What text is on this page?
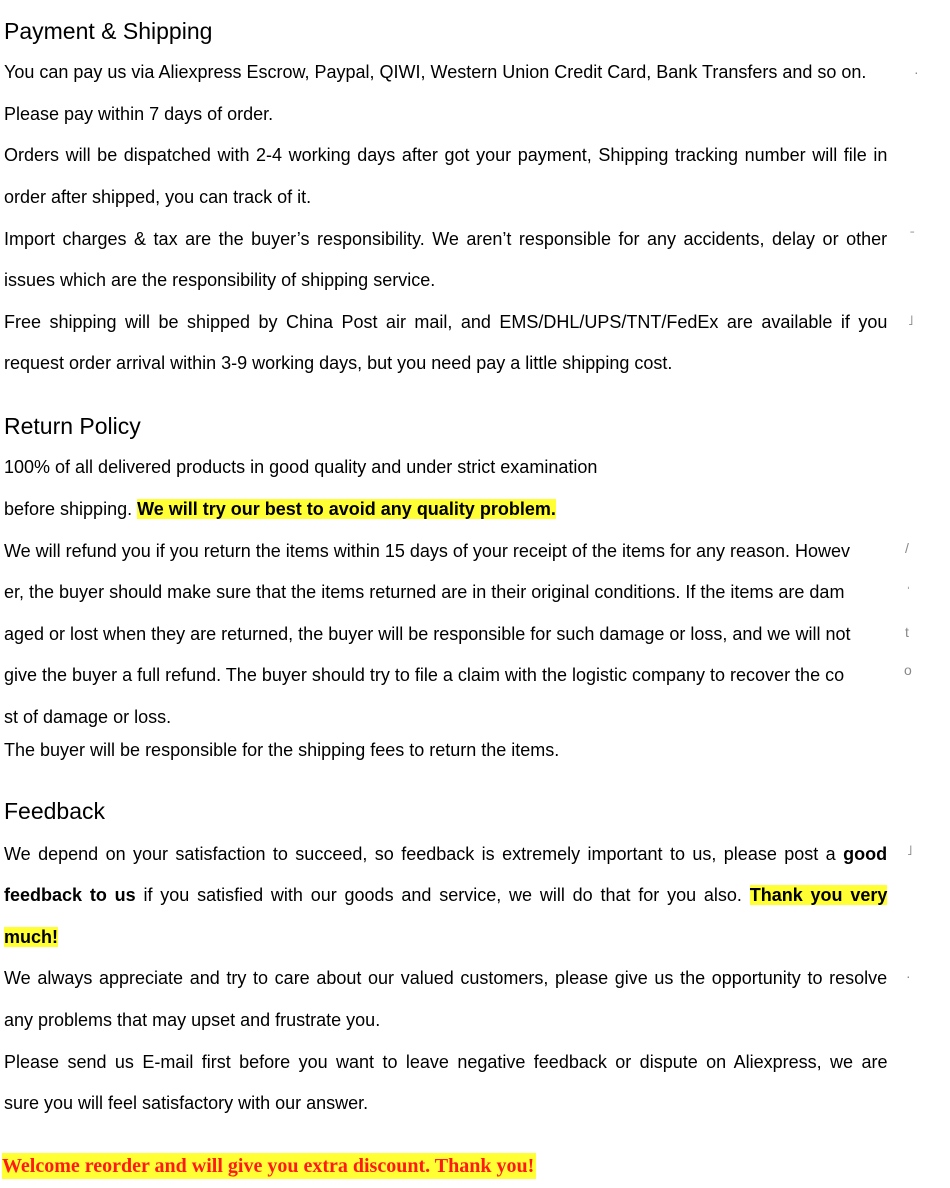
Payment & Shipping

You can pay us via Aliexpress Escrow, Paypal, QIWI, Western Union Credit Card, Bank Transfers and so on.

Please pay within 7 days of order.

Orders will be dispatched with 2-4 working days after got your payment, Shipping tracking number will file in

order after shipped, you can track of it.

Import charges & tax are the buyer’s responsibility. We aren’t responsible for any accidents, delay or other

issues which are the responsibility of shipping service.

Free shipping will be shipped by China Post air mail, and EMS/DHL/UPS/TNT/FedEx are available if you

request order arrival within 3-9 working days, but you need pay a little shipping cost.

Return Policy

100% of all delivered products in good quality and under strict examination

before shipping. We will try our best to avoid any quality problem.

We will refund you if you return the items within 15 days of your receipt of the items for any reason. Howev

er, the buyer should make sure that the items returned are in their original conditions. If the items are dam

aged or lost when they are returned, the buyer will be responsible for such damage or loss, and we will not

give the buyer a full refund. The buyer should try to file a claim with the logistic company to recover the co

st of damage or loss.

The buyer will be responsible for the shipping fees to return the items.

Feedback

We depend on your satisfaction to succeed, so feedback is extremely important to us, please post a good

feedback to us if you satisfied with our goods and service, we will do that for you also. Thank you very

much!

We always appreciate and try to care about our valued customers, please give us the opportunity to resolve

any problems that may upset and frustrate you.

Please send us E-mail first before you want to leave negative feedback or dispute on Aliexpress, we are

sure you will feel satisfactory with our answer.

Welcome reorder and will give you extra discount. Thank you!
·
ˉ
˩
/
ˈ
t
o
˩
·
